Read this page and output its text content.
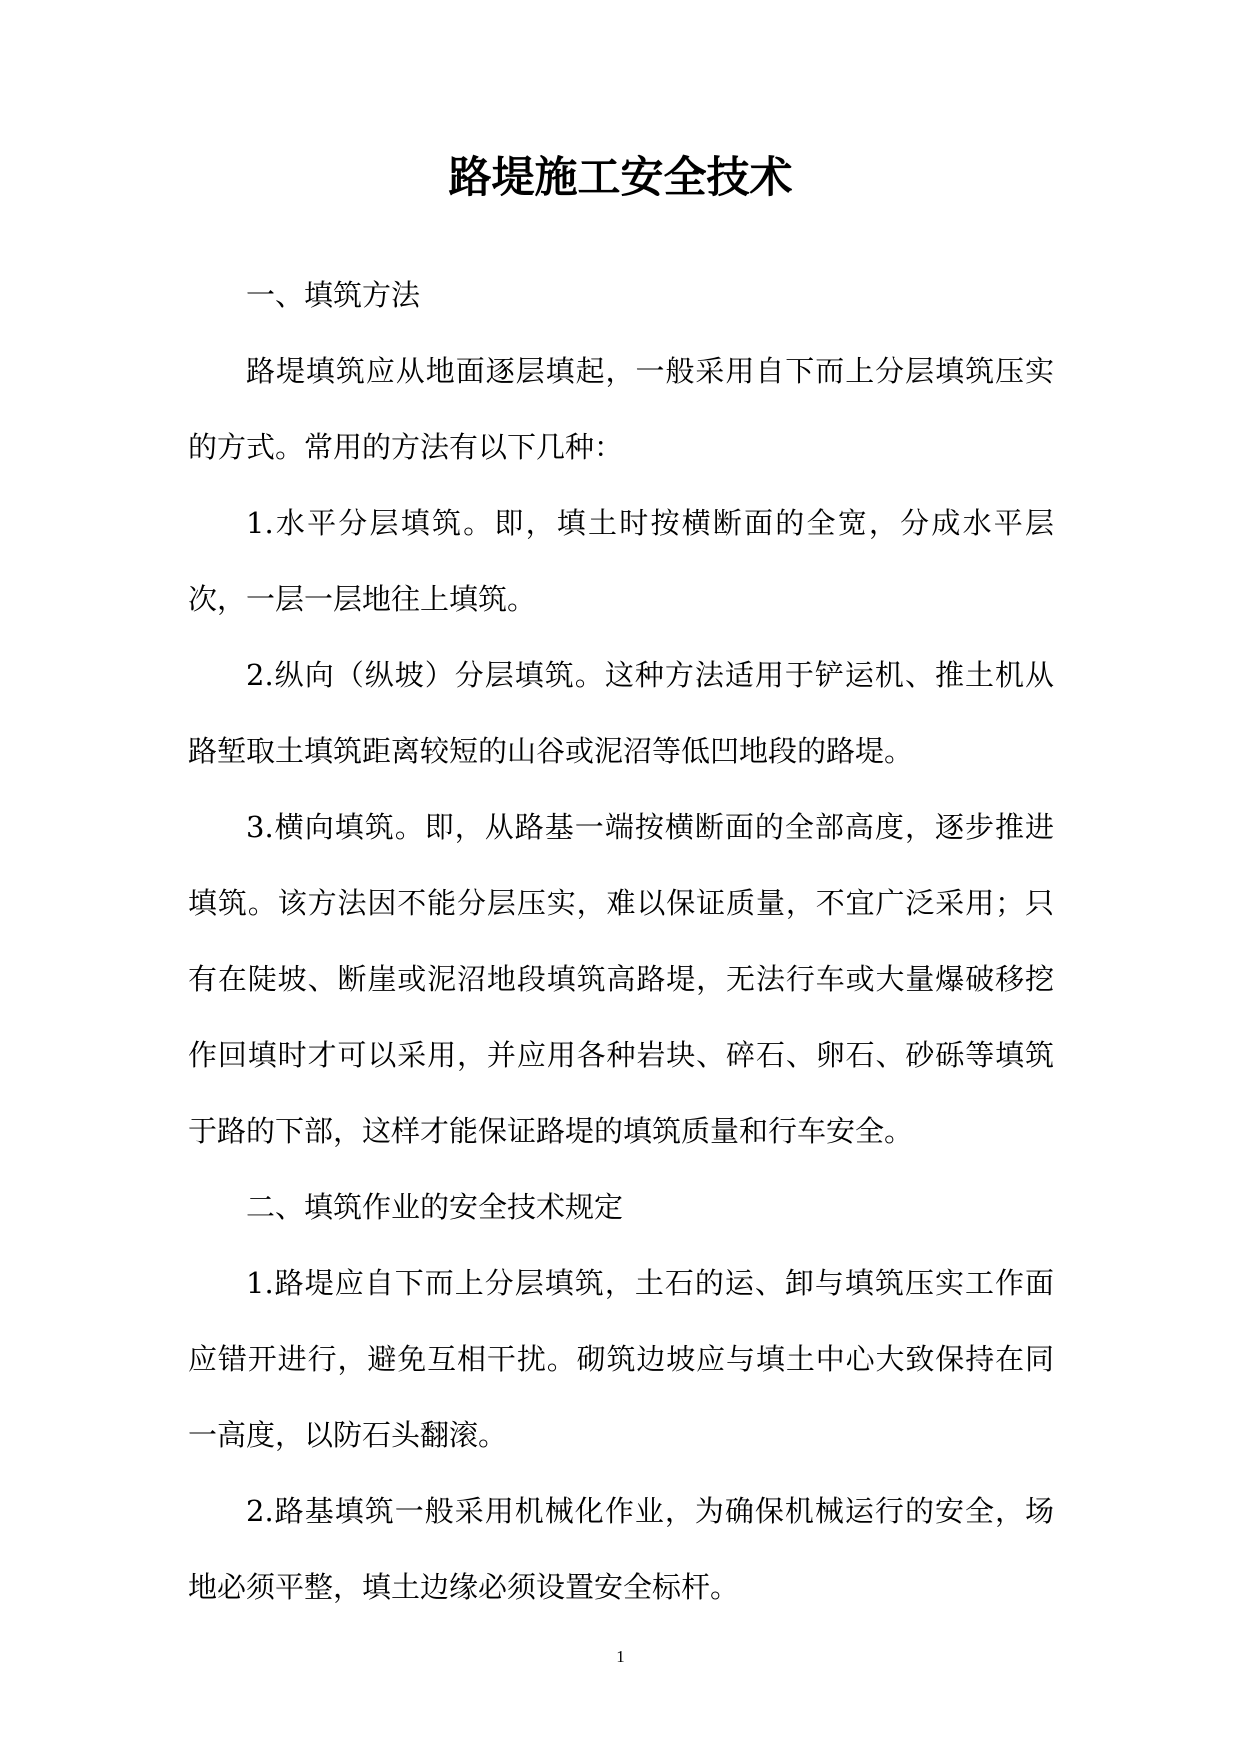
路堤施工安全技术

一、填筑方法

路堤填筑应从地面逐层填起，一般采用自下而上分层填筑压实的方式。常用的方法有以下几种：

1.水平分层填筑。即，填土时按横断面的全宽，分成水平层次，一层一层地往上填筑。

2.纵向（纵坡）分层填筑。这种方法适用于铲运机、推土机从路堑取土填筑距离较短的山谷或泥沼等低凹地段的路堤。

3.横向填筑。即，从路基一端按横断面的全部高度，逐步推进填筑。该方法因不能分层压实，难以保证质量，不宜广泛采用；只有在陡坡、断崖或泥沼地段填筑高路堤，无法行车或大量爆破移挖作回填时才可以采用，并应用各种岩块、碎石、卵石、砂砾等填筑于路的下部，这样才能保证路堤的填筑质量和行车安全。

二、填筑作业的安全技术规定

1.路堤应自下而上分层填筑，土石的运、卸与填筑压实工作面应错开进行，避免互相干扰。砌筑边坡应与填土中心大致保持在同一高度，以防石头翻滚。

2.路基填筑一般采用机械化作业，为确保机械运行的安全，场地必须平整，填土边缘必须设置安全标杆。

1
